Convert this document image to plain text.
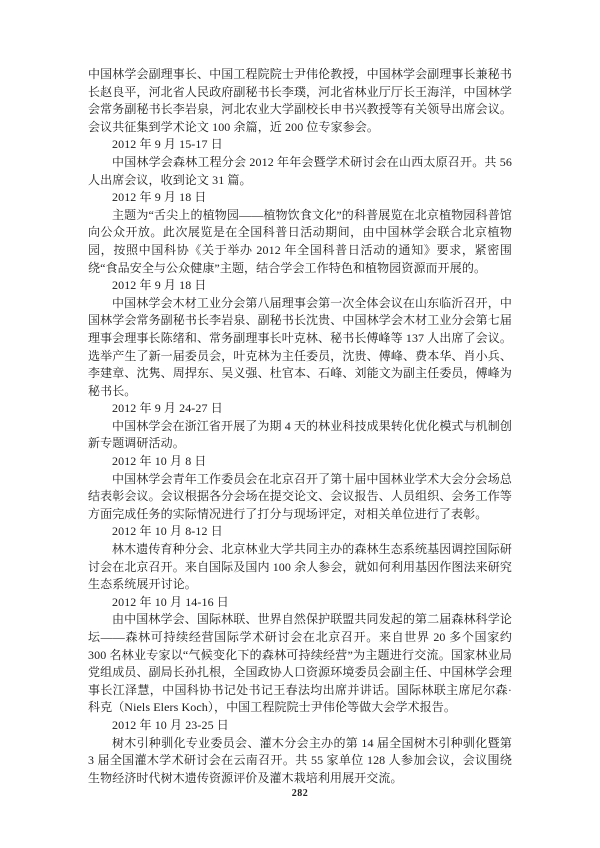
中国林学会副理事长、中国工程院院士尹伟伦教授，中国林学会副理事长兼秘书长赵良平，河北省人民政府副秘书长李璞，河北省林业厅厅长王海洋，中国林学会常务副秘书长李岩泉，河北农业大学副校长申书兴教授等有关领导出席会议。会议共征集到学术论文 100 余篇，近 200 位专家参会。

2012 年 9 月 15-17 日

中国林学会森林工程分会 2012 年年会暨学术研讨会在山西太原召开。共 56 人出席会议，收到论文 31 篇。

2012 年 9 月 18 日

主题为“舌尖上的植物园——植物饮食文化”的科普展览在北京植物园科普馆向公众开放。此次展览是在全国科普日活动期间，由中国林学会联合北京植物园，按照中国科协《关于举办 2012 年全国科普日活动的通知》要求，紧密围绕“食品安全与公众健康”主题，结合学会工作特色和植物园资源而开展的。

2012 年 9 月 18 日

中国林学会木材工业分会第八届理事会第一次全体会议在山东临沂召开，中国林学会常务副秘书长李岩泉、副秘书长沈贵、中国林学会木材工业分会第七届理事会理事长陈绪和、常务副理事长叶克林、秘书长傅峰等 137 人出席了会议。选举产生了新一届委员会，叶克林为主任委员，沈贵、傅峰、费本华、肖小兵、李建章、沈隽、周捍东、吴义强、杜官本、石峰、刘能文为副主任委员，傅峰为秘书长。

2012 年 9 月 24-27 日

中国林学会在浙江省开展了为期 4 天的林业科技成果转化优化模式与机制创新专题调研活动。

2012 年 10 月 8 日

中国林学会青年工作委员会在北京召开了第十届中国林业学术大会分会场总结表彰会议。会议根据各分会场在提交论文、会议报告、人员组织、会务工作等方面完成任务的实际情况进行了打分与现场评定，对相关单位进行了表彰。

2012 年 10 月 8-12 日

林木遗传育种分会、北京林业大学共同主办的森林生态系统基因调控国际研讨会在北京召开。来自国际及国内 100 余人参会，就如何利用基因作图法来研究生态系统展开讨论。

2012 年 10 月 14-16 日

由中国林学会、国际林联、世界自然保护联盟共同发起的第二届森林科学论坛——森林可持续经营国际学术研讨会在北京召开。来自世界 20 多个国家约 300 名林业专家以“气候变化下的森林可持续经营”为主题进行交流。国家林业局党组成员、副局长孙扎根，全国政协人口资源环境委员会副主任、中国林学会理事长江泽慧，中国科协书记处书记王春法均出席并讲话。国际林联主席尼尔森·科克（Niels Elers Koch），中国工程院院士尹伟伦等做大会学术报告。

2012 年 10 月 23-25 日

树木引种驯化专业委员会、灌木分会主办的第 14 届全国树木引种驯化暨第 3 届全国灌木学术研讨会在云南召开。共 55 家单位 128 人参加会议，会议围绕生物经济时代树木遗传资源评价及灌木栽培利用展开交流。

282
